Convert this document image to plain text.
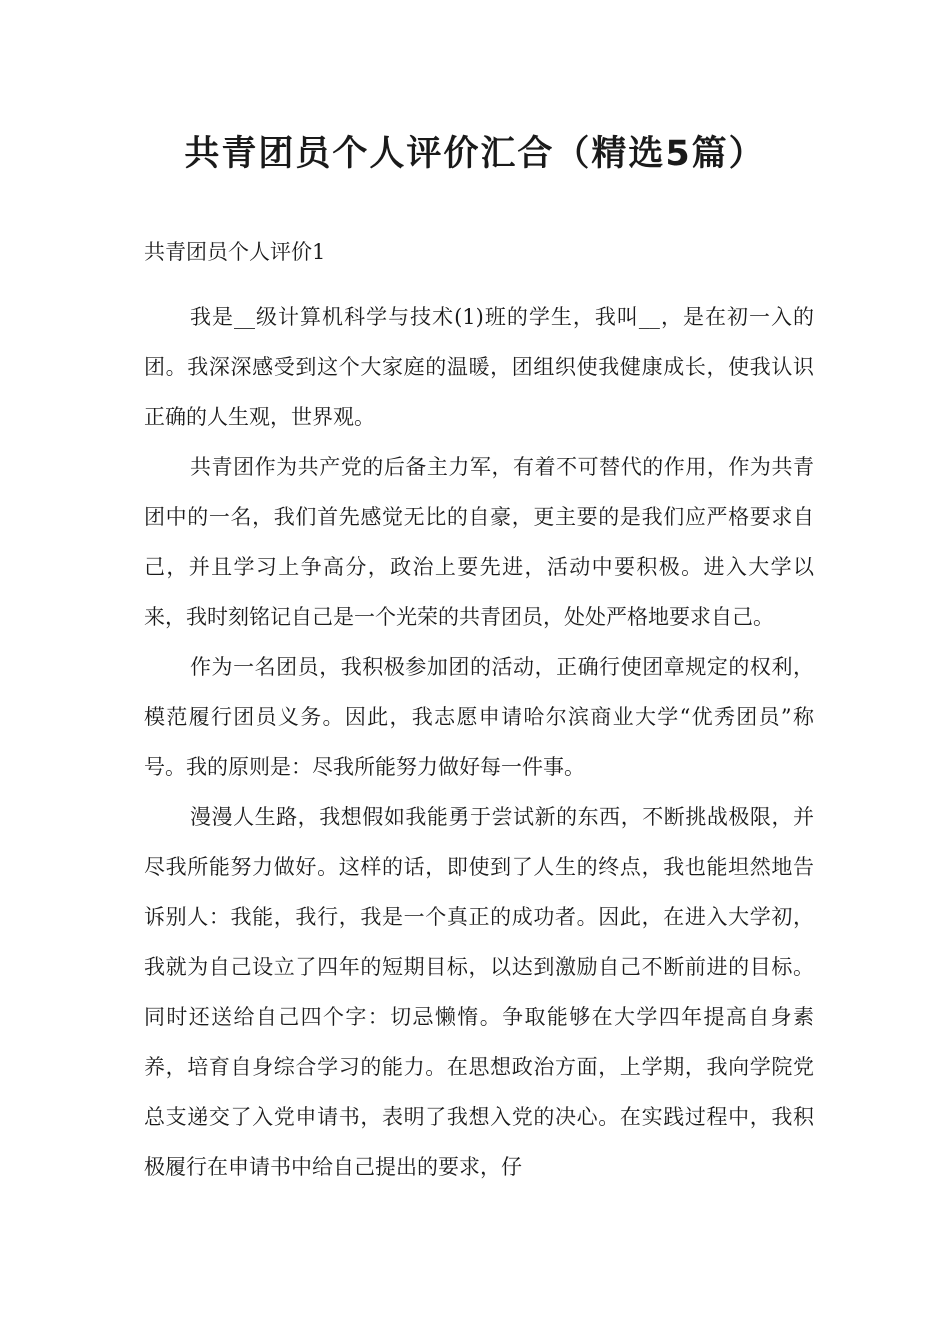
共青团员个人评价汇合（精选5篇）
共青团员个人评价1

我是__级计算机科学与技术(1)班的学生，我叫__，是在初一入的团。我深深感受到这个大家庭的温暖，团组织使我健康成长，使我认识正确的人生观，世界观。

共青团作为共产党的后备主力军，有着不可替代的作用，作为共青团中的一名，我们首先感觉无比的自豪，更主要的是我们应严格要求自己，并且学习上争高分，政治上要先进，活动中要积极。进入大学以来，我时刻铭记自己是一个光荣的共青团员，处处严格地要求自己。

作为一名团员，我积极参加团的活动，正确行使团章规定的权利，模范履行团员义务。因此，我志愿申请哈尔滨商业大学“优秀团员”称号。我的原则是：尽我所能努力做好每一件事。

漫漫人生路，我想假如我能勇于尝试新的东西，不断挑战极限，并尽我所能努力做好。这样的话，即使到了人生的终点，我也能坦然地告诉别人：我能，我行，我是一个真正的成功者。因此，在进入大学初，我就为自己设立了四年的短期目标，以达到激励自己不断前进的目标。同时还送给自己四个字：切忌懒惰。争取能够在大学四年提高自身素养，培育自身综合学习的能力。在思想政治方面，上学期，我向学院党总支递交了入党申请书，表明了我想入党的决心。在实践过程中，我积极履行在申请书中给自己提出的要求，仔
